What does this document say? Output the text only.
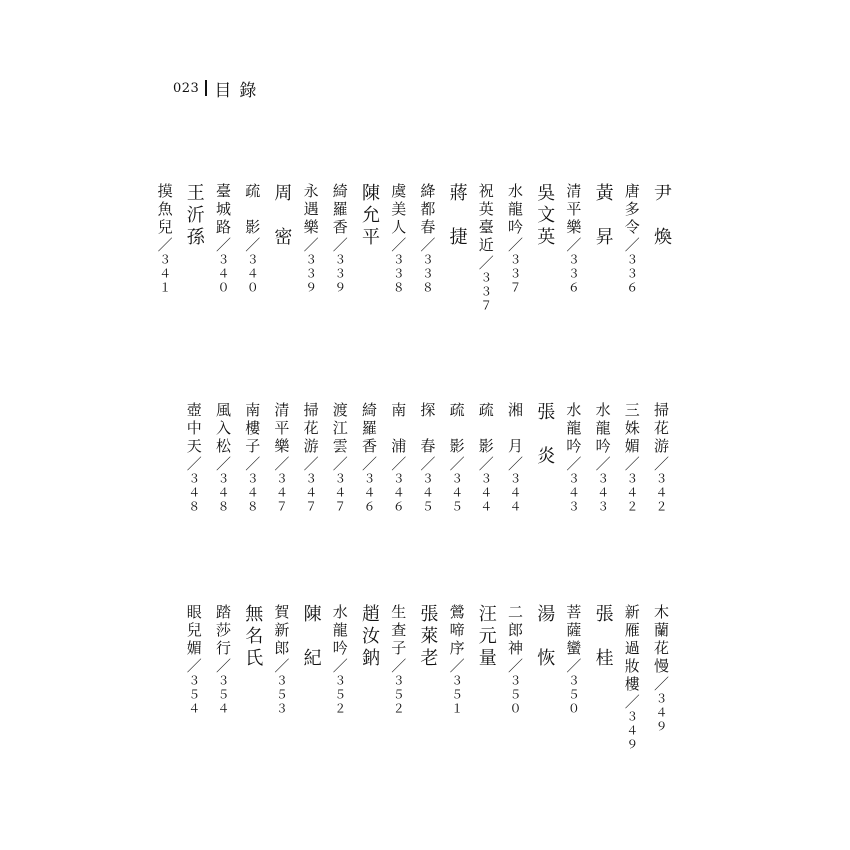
023 目錄
尹　煥
唐多令／３３６
黃　昇
清平樂／３３６
吳文英
水龍吟／３３７
祝英臺近／３３７
蔣　捷
絳都春／３３８
虞美人／３３８
陳允平
綺羅香／３３９
永遇樂／３３９
周　密
疏　影／３４０
臺城路／３４０
王沂孫
摸魚兒／３４１
掃花游／３４２
三姝媚／３４２
水龍吟／３４３
水龍吟／３４３
張　炎
湘　月／３４４
疏　影／３４４
疏　影／３４５
探　春／３４５
南　浦／３４６
綺羅香／３４６
渡江雲／３４７
掃花游／３４７
清平樂／３４７
南樓子／３４８
風入松／３４８
壺中天／３４８
木蘭花慢／３４９
新雁過妝樓／３４９
張　桂
菩薩蠻／３５０
湯　恢
二郎神／３５０
汪元量
鶯啼序／３５１
張萊老
生查子／３５２
趙汝鈉
水龍吟／３５２
陳　紀
賀新郎／３５３
無名氏
踏莎行／３５４
眼兒媚／３５４
